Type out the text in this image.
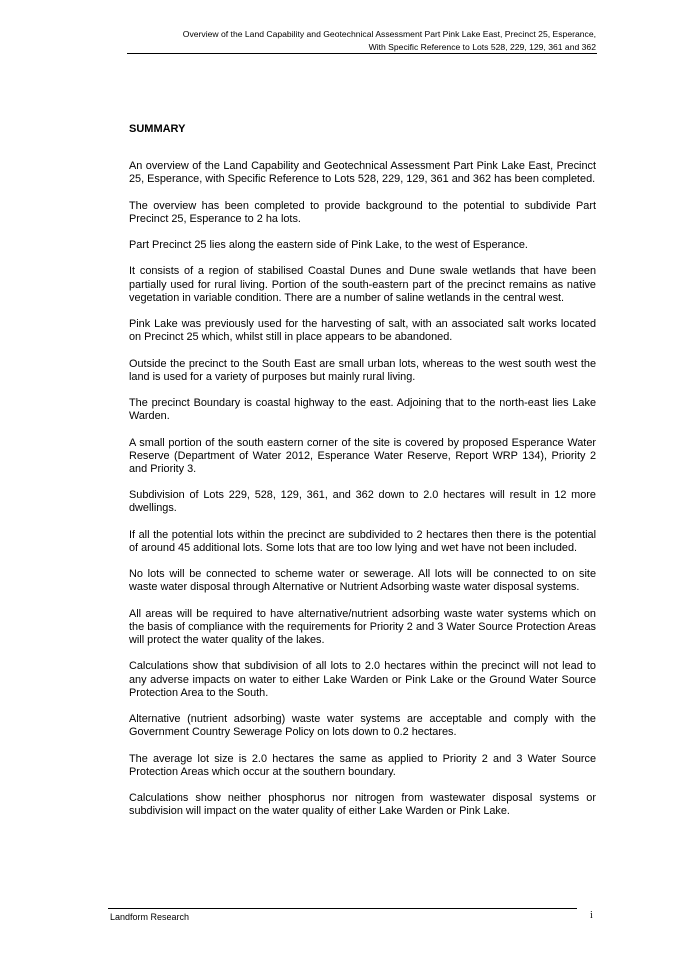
Overview of the Land Capability and Geotechnical Assessment Part Pink Lake East, Precinct 25, Esperance,
With Specific Reference to Lots 528, 229, 129, 361 and 362
SUMMARY

An overview of the Land Capability and Geotechnical Assessment Part Pink Lake East, Precinct 25, Esperance, with Specific Reference to Lots 528, 229, 129, 361 and 362 has been completed.

The overview has been completed to provide background to the potential to subdivide Part Precinct 25, Esperance to 2 ha lots.

Part Precinct 25 lies along the eastern side of Pink Lake, to the west of Esperance.

It consists of a region of stabilised Coastal Dunes and Dune swale wetlands that have been partially used for rural living. Portion of the south-eastern part of the precinct remains as native vegetation in variable condition. There are a number of saline wetlands in the central west.

Pink Lake was previously used for the harvesting of salt, with an associated salt works located on Precinct 25 which, whilst still in place appears to be abandoned.

Outside the precinct to the South East are small urban lots, whereas to the west south west the land is used for a variety of purposes but mainly rural living.

The precinct Boundary is coastal highway to the east. Adjoining that to the north-east lies Lake Warden.

A small portion of the south eastern corner of the site is covered by proposed Esperance Water Reserve (Department of Water 2012, Esperance Water Reserve, Report WRP 134), Priority 2 and Priority 3.

Subdivision of Lots 229, 528, 129, 361, and 362 down to 2.0 hectares will result in 12 more dwellings.

If all the potential lots within the precinct are subdivided to 2 hectares then there is the potential of around 45 additional lots. Some lots that are too low lying and wet have not been included.

No lots will be connected to scheme water or sewerage. All lots will be connected to on site waste water disposal through Alternative or Nutrient Adsorbing waste water disposal systems.

All areas will be required to have alternative/nutrient adsorbing waste water systems which on the basis of compliance with the requirements for Priority 2 and 3 Water Source Protection Areas will protect the water quality of the lakes.

Calculations show that subdivision of all lots to 2.0 hectares within the precinct will not lead to any adverse impacts on water to either Lake Warden or Pink Lake or the Ground Water Source Protection Area to the South.

Alternative (nutrient adsorbing) waste water systems are acceptable and comply with the Government Country Sewerage Policy on lots down to 0.2 hectares.

The average lot size is 2.0 hectares the same as applied to Priority 2 and 3 Water Source Protection Areas which occur at the southern boundary.

Calculations show neither phosphorus nor nitrogen from wastewater disposal systems or subdivision will impact on the water quality of either Lake Warden or Pink Lake.

Landform Research	i
